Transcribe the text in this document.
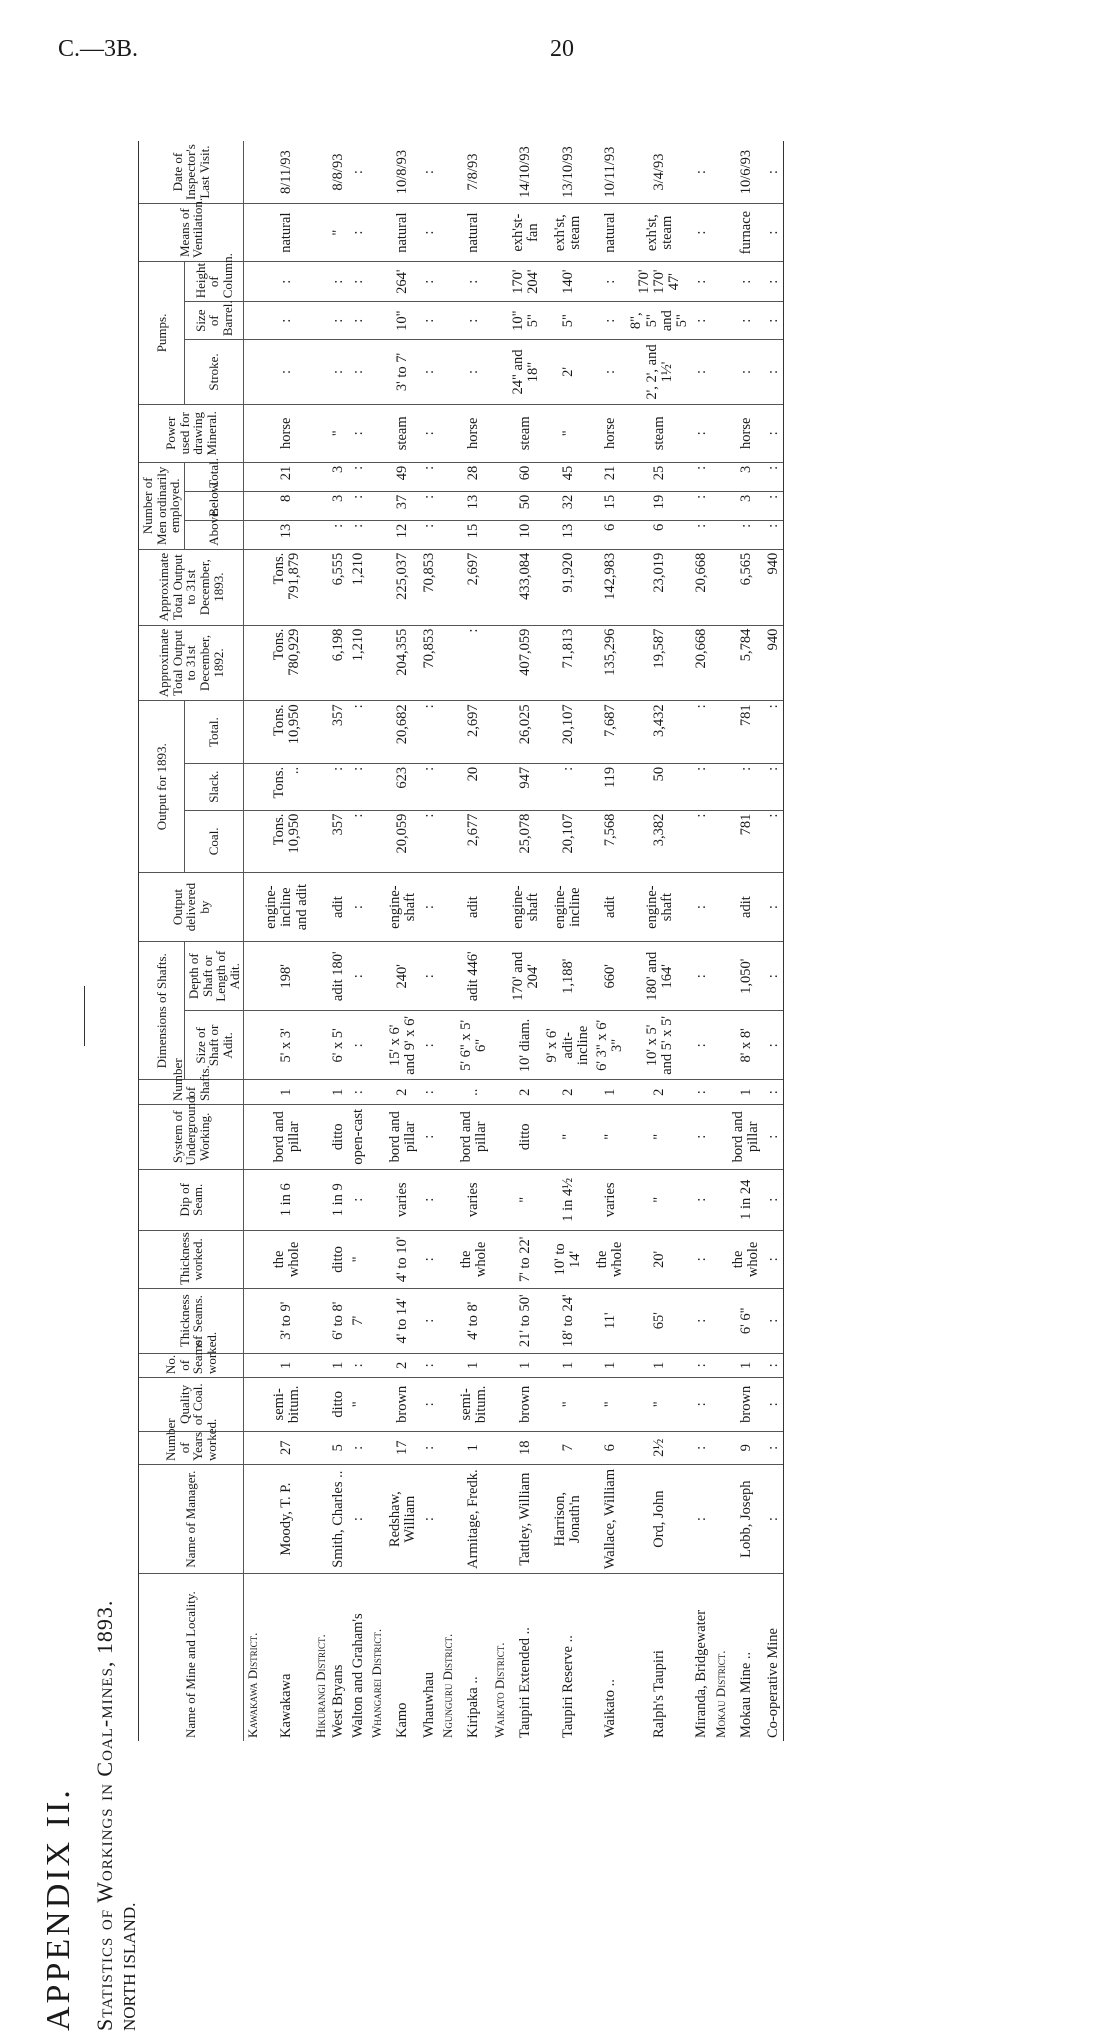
C.—3B.	20
APPENDIX II. Statistics of Workings in Coal-mines, 1893. NORTH ISLAND.
Name of Mine and Locality.	Name of Manager.	Number of Years worked.	Quality of Coal.	No. of Seams worked.	Thickness of Seams.	Thickness worked.	Dip of Seam.	System of Underground Working.	Number of Shafts.	Dimensions of Shafts.		Output delivered by	Output for 1893.			Approximate Total Output to 31st December, 1892.	Approximate Total Output to 31st December, 1893.	Number of Men ordinarily employed.			Power used for drawing Mineral.	Pumps.			Means of Ventilation.	Date of Inspector's Last Visit.
										Size of Shaft or Adit.	Depth of Shaft or Length of Adit.		Coal.	Slack.	Total.			Above.	Below.	Total.		Stroke.	Size of Barrel.	Height of Column.		
Kawakawa District.																										
Kawakawa	Moody, T. P.	27	semi-bitum.	1	3' to 9'	the whole	1 in 6	bord and pillar	1	5' x 3'	198'	engine-incline and adit	Tons. 10,950	Tons. ..	Tons. 10,950	Tons. 780,929	Tons. 791,879	13	8	21	horse	:	:	:	natural	8/11/93
Hikurangi District.																										
West Bryans	Smith, Charles ..	5	ditto	1	6' to 8'	ditto	1 in 9	ditto	1	6' x 5'	adit 180'	adit	357	:	357	6,198	6,555	:	3	3	"	:	:	:	"	8/8/93
Walton and Graham's	:	:	"	:	7'	"	:	open-cast	:	:	:	:	:	:	:	1,210	1,210	:	:	:	:	:	:	:	:	:
Whangarei District.																										
Kamo	Redshaw, William	17	brown	2	4' to 14'	4' to 10'	varies	bord and pillar	2	15' x 6' and 9' x 6'	240'	engine-shaft	20,059	623	20,682	204,355	225,037	12	37	49	steam	3' to 7'	10"	264'	natural	10/8/93
Whauwhau	:	:	:	:	:	:	:	:	:	:	:	:	:	:	:	70,853	70,853	:	:	:	:	:	:	:	:	:
Ngunguru District.																										
Kiripaka ..	Armitage, Fredk.	1	semi-bitum.	1	4' to 8'	the whole	varies	bord and pillar	..	5' 6" x 5' 6"	adit 446'	adit	2,677	20	2,697	:	2,697	15	13	28	horse	:	:	:	natural	7/8/93
Waikato District.																										
Taupiri Extended ..	Tattley, William	18	brown	1	21' to 50'	7' to 22'	"	ditto	2	10' diam.	170' and 204'	engine-shaft	25,078	947	26,025	407,059	433,084	10	50	60	steam	24" and 18"	10" 5"	170' 204'	exh'st-fan	14/10/93
Taupiri Reserve ..	Harrison, Jonath'n	7	"	1	18' to 24'	10' to 14'	1 in 4½	"	2	9' x 6' adit-incline	1,188'	engine-incline	20,107	:	20,107	71,813	91,920	13	32	45	"	2'	5"	140'	exh'st, steam	13/10/93
Waikato ..	Wallace, William	6	"	1	11'	the whole	varies	"	1	6' 3" x 6' 3"	660'	adit	7,568	119	7,687	135,296	142,983	6	15	21	horse	:	:	:	natural	10/11/93
Ralph's Taupiri	Ord, John	2½	"	1	65'	20'	"	"	2	10' x 5' and 5' x 5'	180' and 164'	engine-shaft	3,382	50	3,432	19,587	23,019	6	19	25	steam	2', 2', and 1½'	8", 5" and 5"	170' 170' 47'	exh'st, steam	3/4/93
Miranda, Bridgewater	:	:	:	:	:	:	:	:	:	:	:	:	:	:	:	20,668	20,668	:	:	:	:	:	:	:	:	:
Mokau District.																										
Mokau Mine ..	Lobb, Joseph	9	brown	1	6' 6"	the whole	1 in 24	bord and pillar	1	8' x 8'	1,050'	adit	781	:	781	5,784	6,565	:	3	3	horse	:	:	:	furnace	10/6/93
Co-operative Mine	:	:	:	:	:	:	:	:	:	:	:	:	:	:	:	940	940	:	:	:	:	:	:	:	:	:
